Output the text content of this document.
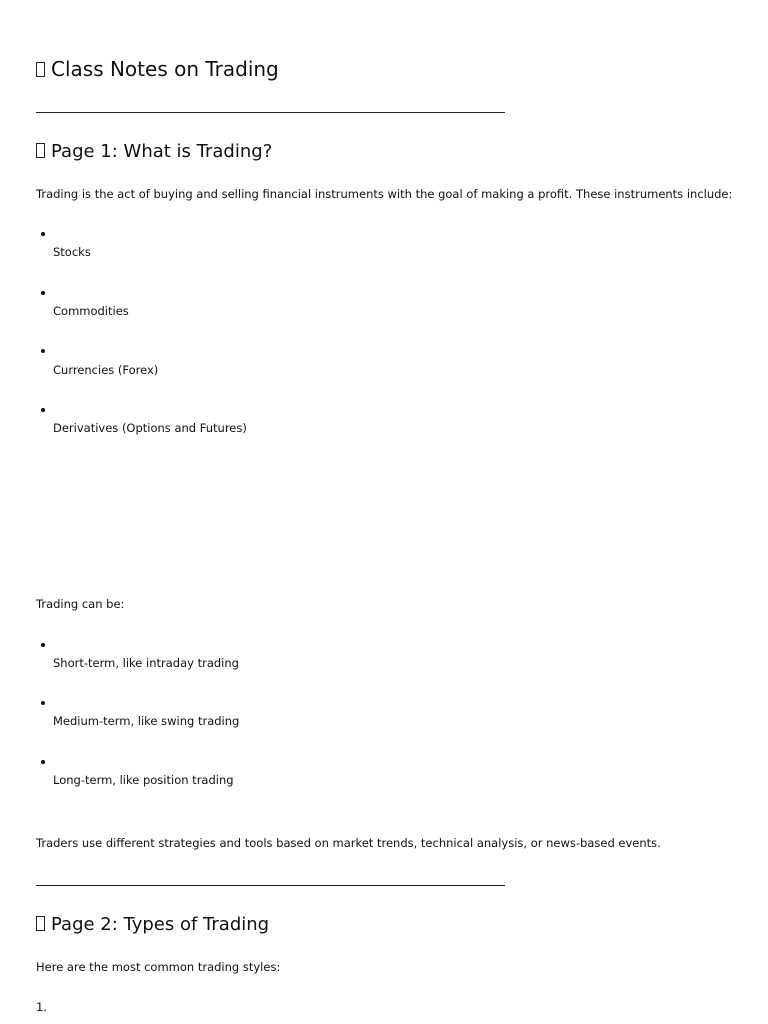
Class Notes on Trading
Page 1: What is Trading?
Trading is the act of buying and selling financial instruments with the goal of making a profit. These instruments include:
Stocks
Commodities
Currencies (Forex)
Derivatives (Options and Futures)
Trading can be:
Short-term, like intraday trading
Medium-term, like swing trading
Long-term, like position trading
Traders use different strategies and tools based on market trends, technical analysis, or news-based events.
Page 2: Types of Trading
Here are the most common trading styles:
1.
